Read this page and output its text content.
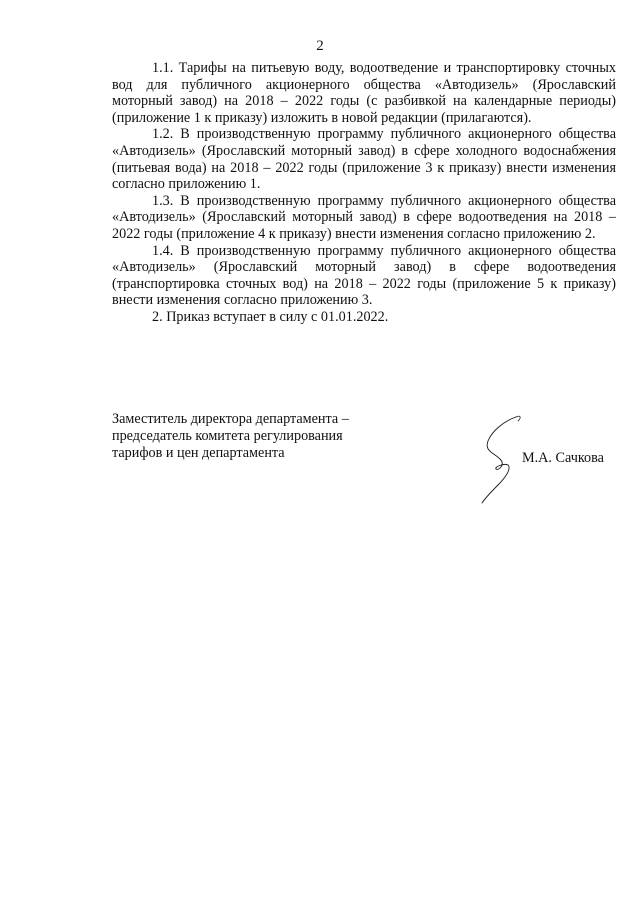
2

1.1. Тарифы на питьевую воду, водоотведение и транспортировку сточных вод для публичного акционерного общества «Автодизель» (Ярославский моторный завод) на 2018 – 2022 годы (с разбивкой на календарные периоды) (приложение 1 к приказу) изложить в новой редакции (прилагаются).

1.2. В производственную программу публичного акционерного общества «Автодизель» (Ярославский моторный завод) в сфере холодного водоснабжения (питьевая вода) на 2018 – 2022 годы (приложение 3 к приказу) внести изменения согласно приложению 1.

1.3. В производственную программу публичного акционерного общества «Автодизель» (Ярославский моторный завод) в сфере водоотведения на 2018 – 2022 годы (приложение 4 к приказу) внести изменения согласно приложению 2.

1.4. В производственную программу публичного акционерного общества «Автодизель» (Ярославский моторный завод) в сфере водоотведения (транспортировка сточных вод) на 2018 – 2022 годы (приложение 5 к приказу) внести изменения согласно приложению 3.

2. Приказ вступает в силу с 01.01.2022.

Заместитель директора департамента –
председатель комитета регулирования
тарифов и цен департамента	М.А. Сачкова
